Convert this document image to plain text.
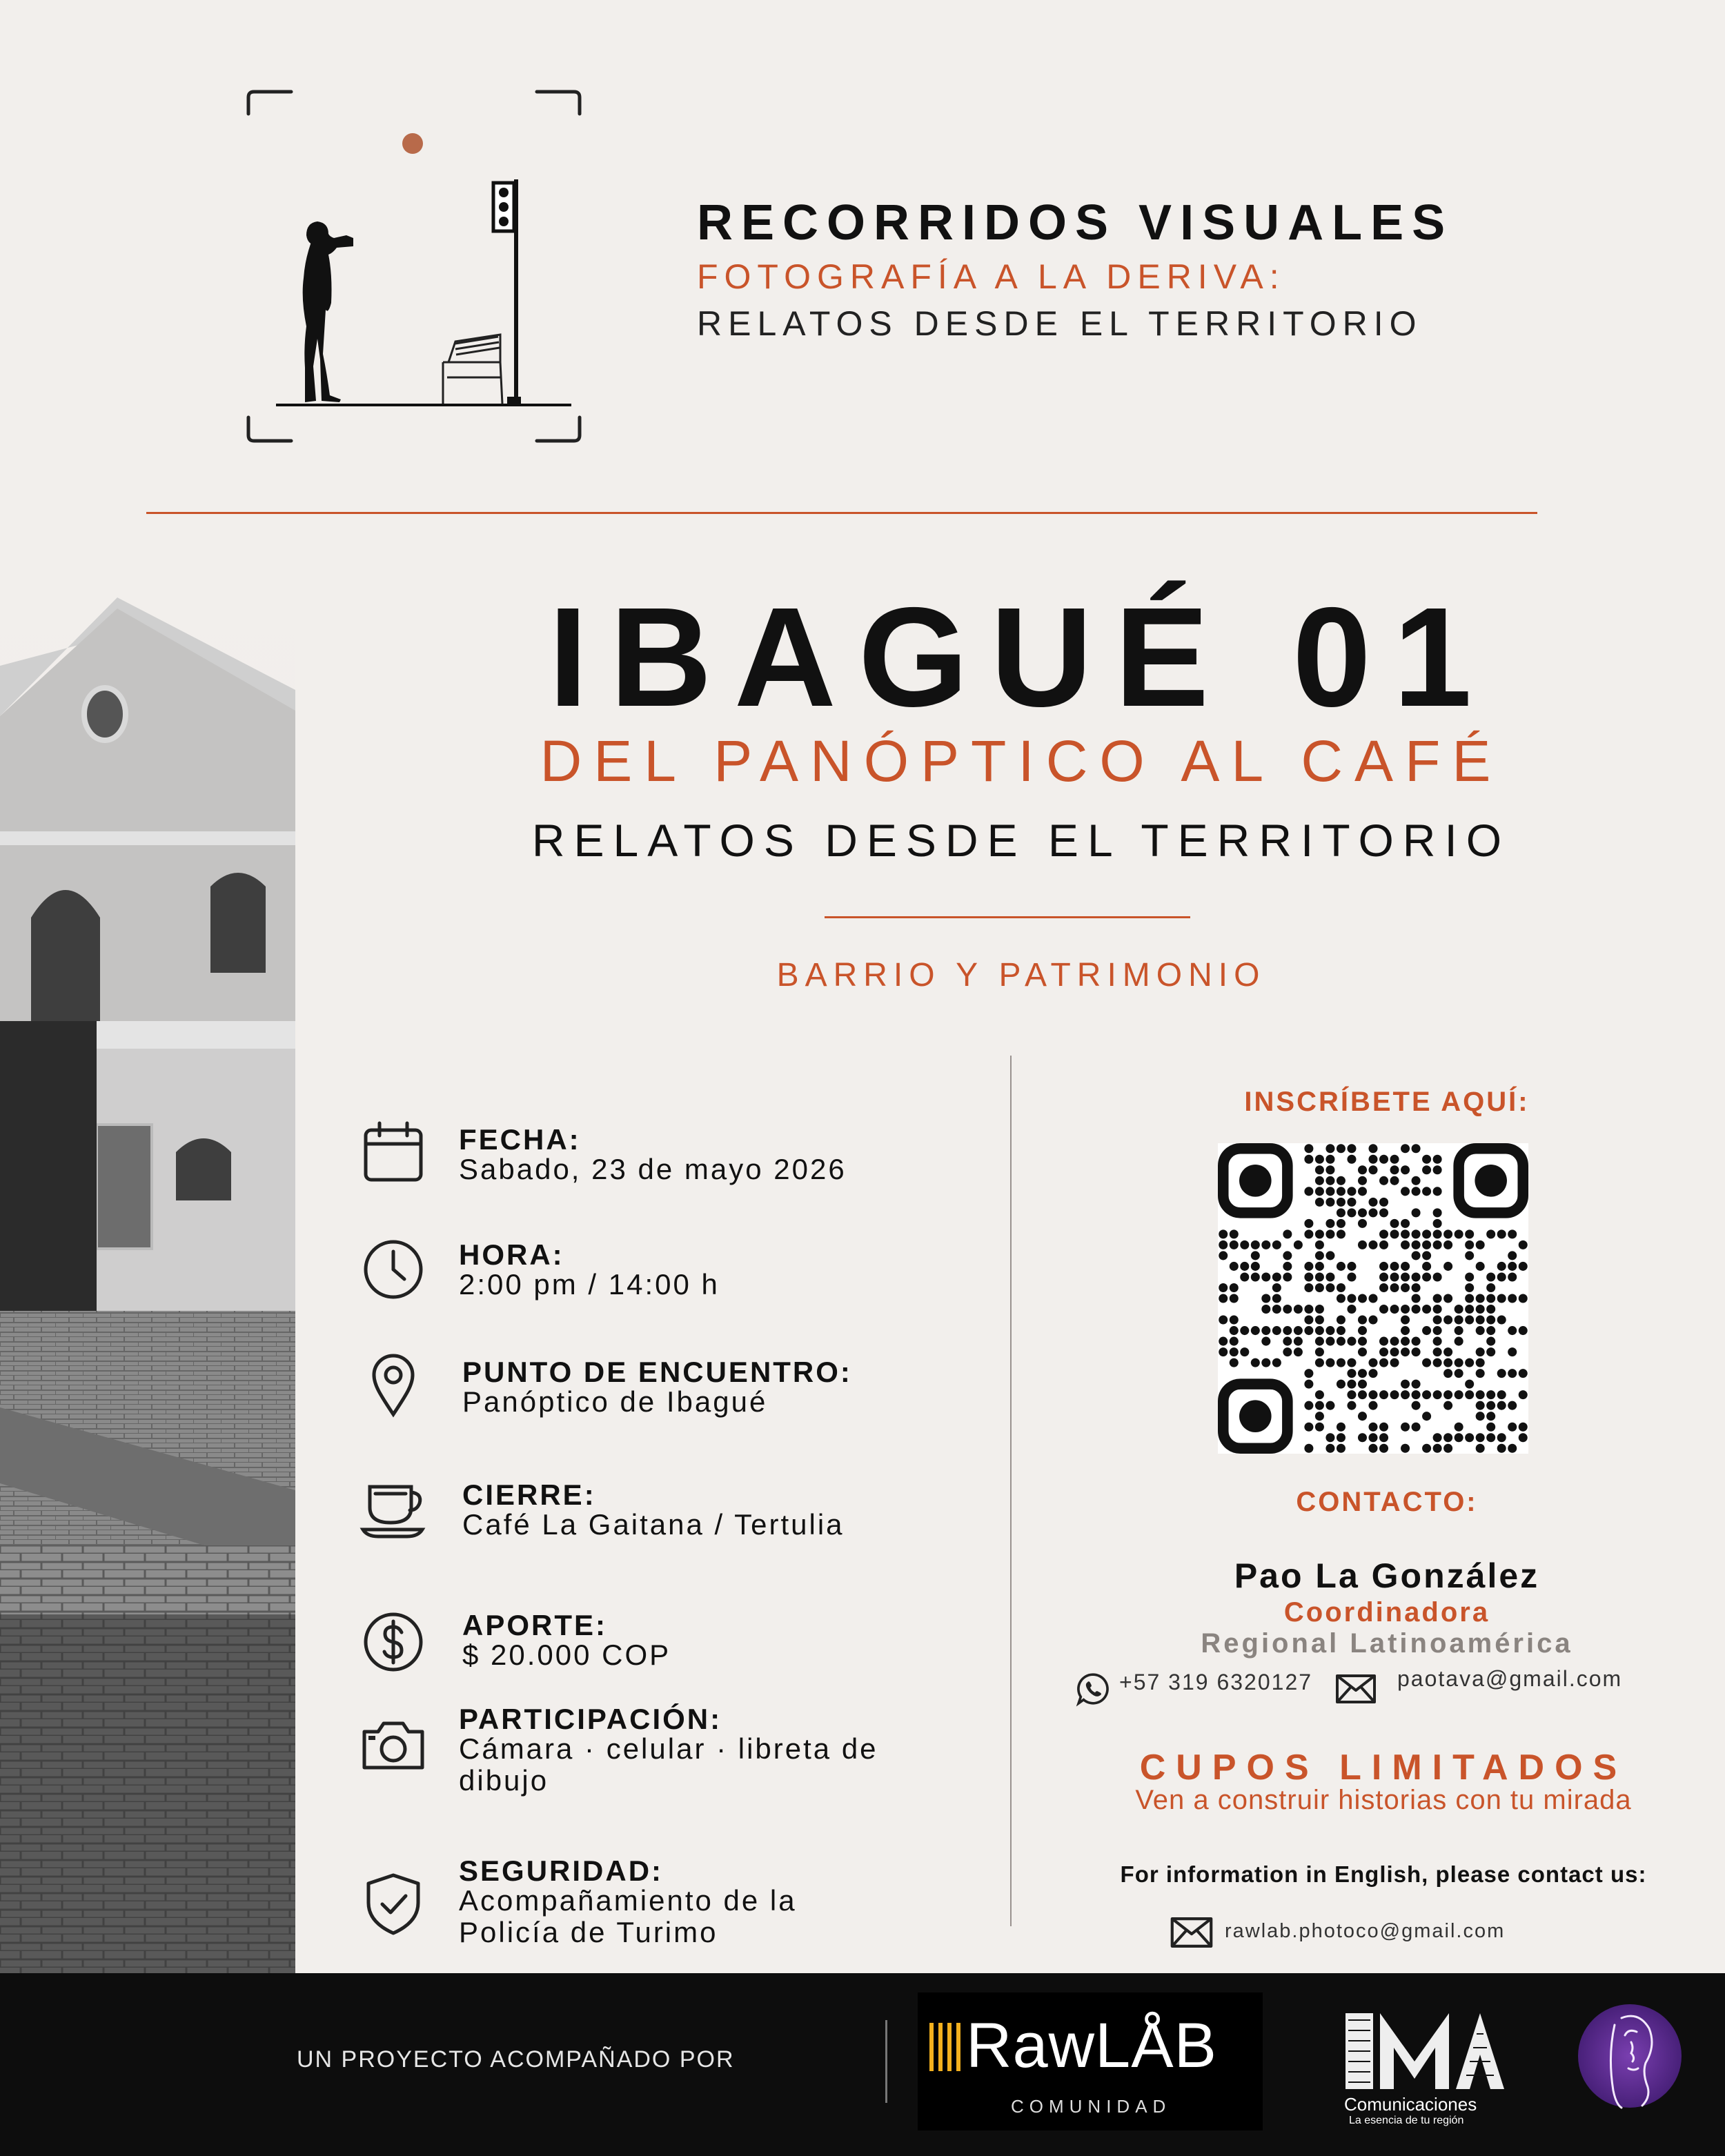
RECORRIDOS VISUALES
FOTOGRAFÍA A LA DERIVA:
RELATOS DESDE EL TERRITORIO
IBAGUÉ 01
DEL PANÓPTICO AL CAFÉ
RELATOS DESDE EL TERRITORIO
BARRIO Y PATRIMONIO
FECHA:
Sabado, 23 de mayo 2026
HORA:
2:00 pm / 14:00 h
PUNTO DE ENCUENTRO:
Panóptico de Ibagué
CIERRE:
Café La Gaitana / Tertulia
APORTE:
$ 20.000 COP
PARTICIPACIÓN:
Cámara · celular · libreta de dibujo
SEGURIDAD:
Acompañamiento de la Policía de Turimo
INSCRÍBETE AQUÍ:
CONTACTO:
Pao La González
Coordinadora
Regional Latinoamérica
+57 319 6320127	paotava@gmail.com
CUPOS LIMITADOS
Ven a construir historias con tu mirada
For information in English, please contact us:
rawlab.photoco@gmail.com
UN PROYECTO ACOMPAÑADO POR	RawLÅB
COMUNIDAD	Comunicaciones
La esencia de tu región
